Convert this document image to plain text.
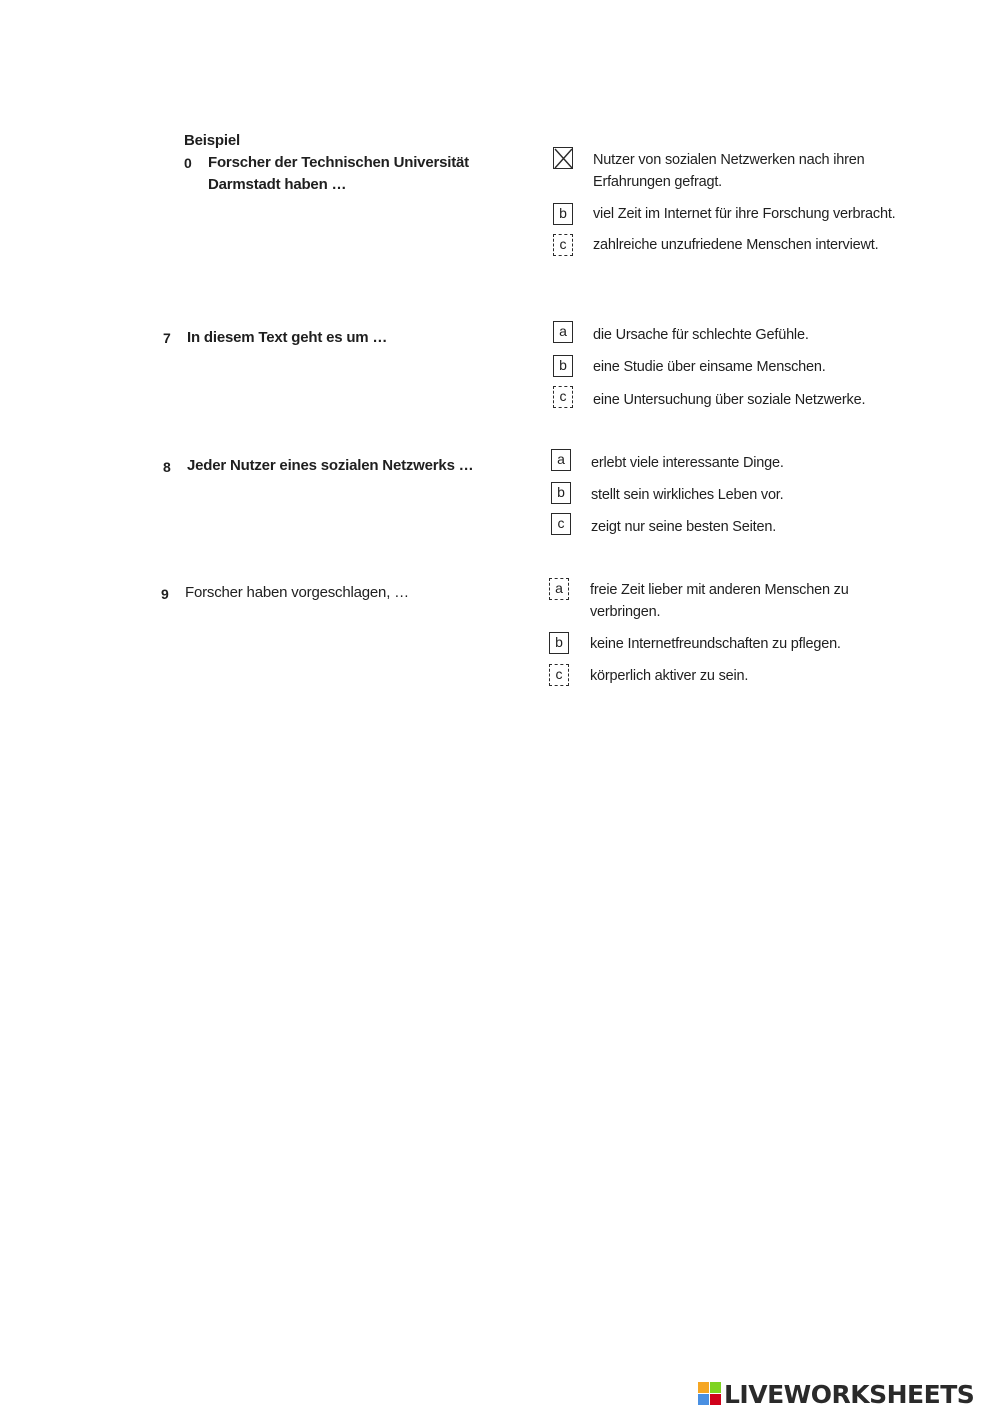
Beispiel
0 Forscher der Technischen Universität Darmstadt haben …
Nutzer von sozialen Netzwerken nach ihren Erfahrungen gefragt.
b	viel Zeit im Internet für ihre Forschung verbracht.
c	zahlreiche unzufriedene Menschen interviewt.
7 In diesem Text geht es um …	a	die Ursache für schlechte Gefühle.
b	eine Studie über einsame Menschen.
c	eine Untersuchung über soziale Netzwerke.
8 Jeder Nutzer eines sozialen Netzwerks …	a	erlebt viele interessante Dinge.
b	stellt sein wirkliches Leben vor.
c	zeigt nur seine besten Seiten.
9 Forscher haben vorgeschlagen, …	a	freie Zeit lieber mit anderen Menschen zu verbringen.
b	keine Internetfreundschaften zu pflegen.
c	körperlich aktiver zu sein.
LIVEWORKSHEETS
